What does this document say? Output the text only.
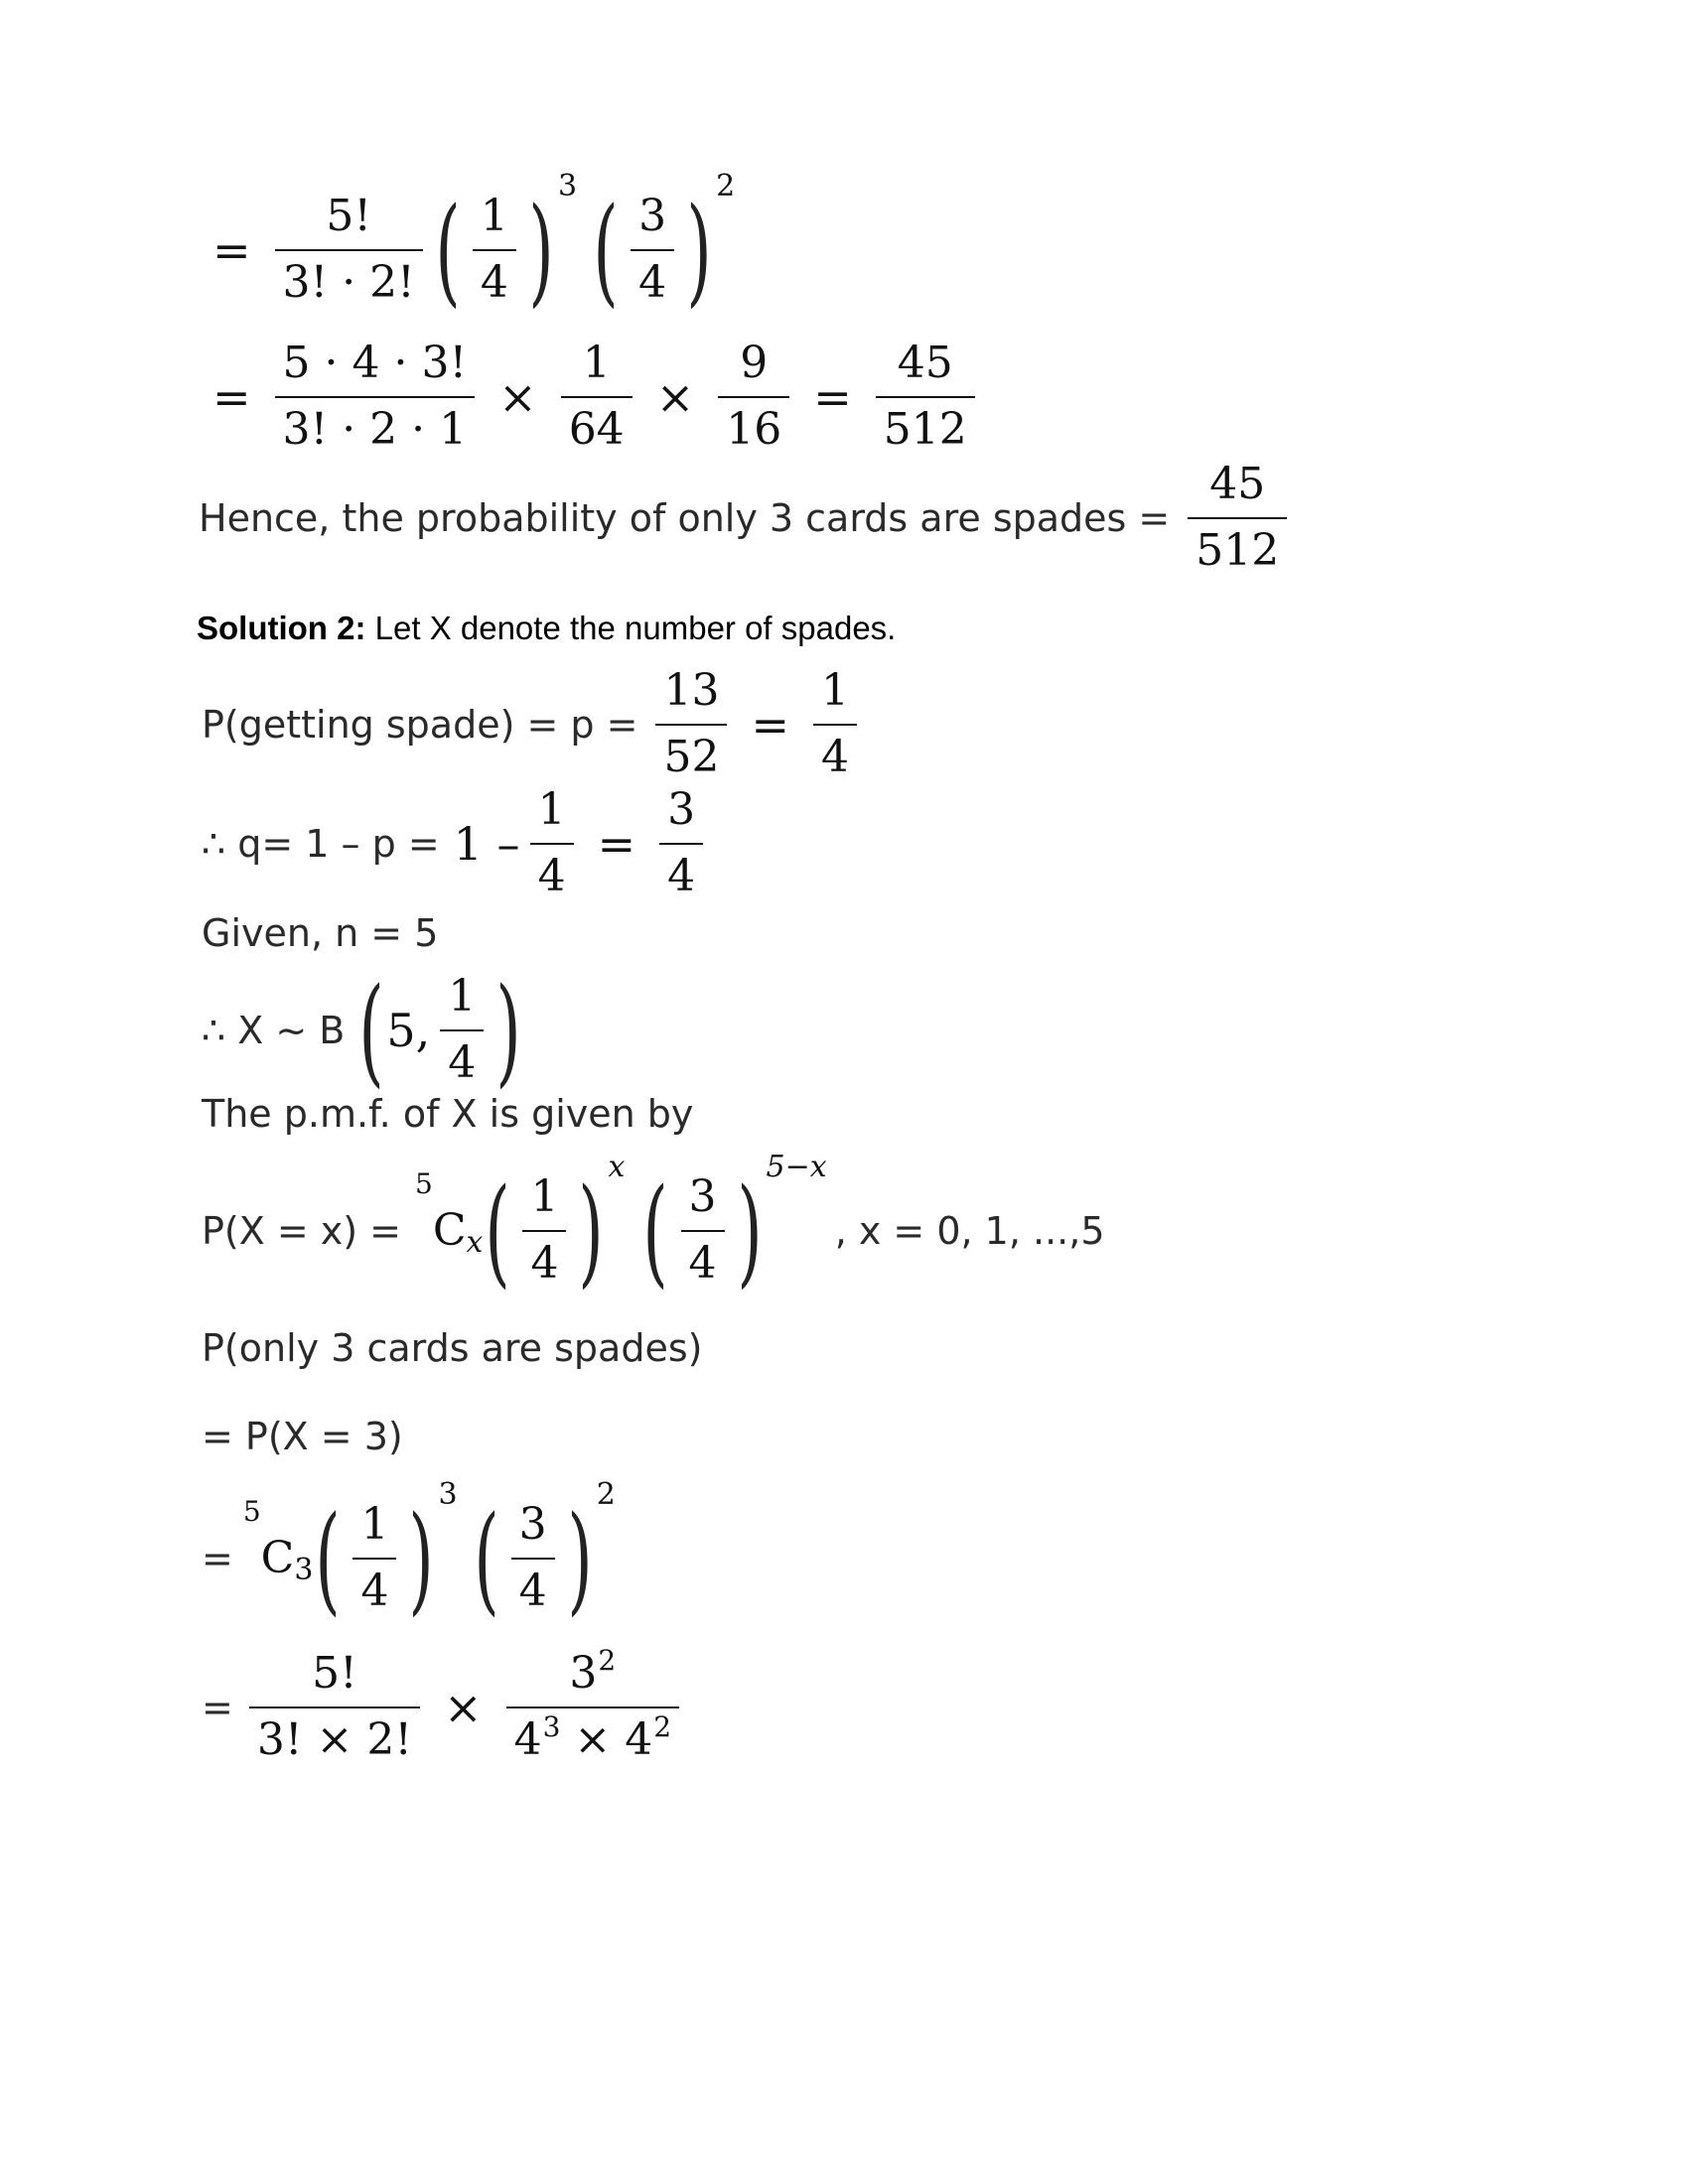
= $\frac{5!}{3! \cdot 2!}$ ( $\frac{1}{4}$ ) 3 ( $\frac{3}{4}$ ) 2
= $\frac{5 \cdot 4 \cdot 3!}{3! \cdot 2 \cdot 1} \times \frac{1}{64} \times \frac{9}{16} = \frac{45}{512}$
Hence, the probability of only 3 cards are spades = $\frac{45}{512}$
Solution 2: Let X denote the number of spades.
P(getting spade) = $p = \frac{13}{52} = \frac{1}{4}$
∴ $q= 1 - p = 1 - \frac{1}{4} = \frac{3}{4}$
Given, n = 5
∴ X ~ B ( 5, $\frac{1}{4}$ )
The p.m.f. of X is given by
P(X = x) =
5
C x ( $\frac{1}{4}$ ) x ( $\frac{3}{4}$ ) 5−x
, x = 0, 1, ...,5
P(only 3 cards are spades)
= P(X = 3)
=
5
C 3 ( $\frac{1}{4}$ ) 3 ( $\frac{3}{4}$ ) 2
= $\frac{5!}{3! \times 2!} \times \frac{3^2}{4^3 \times 4^2}$
